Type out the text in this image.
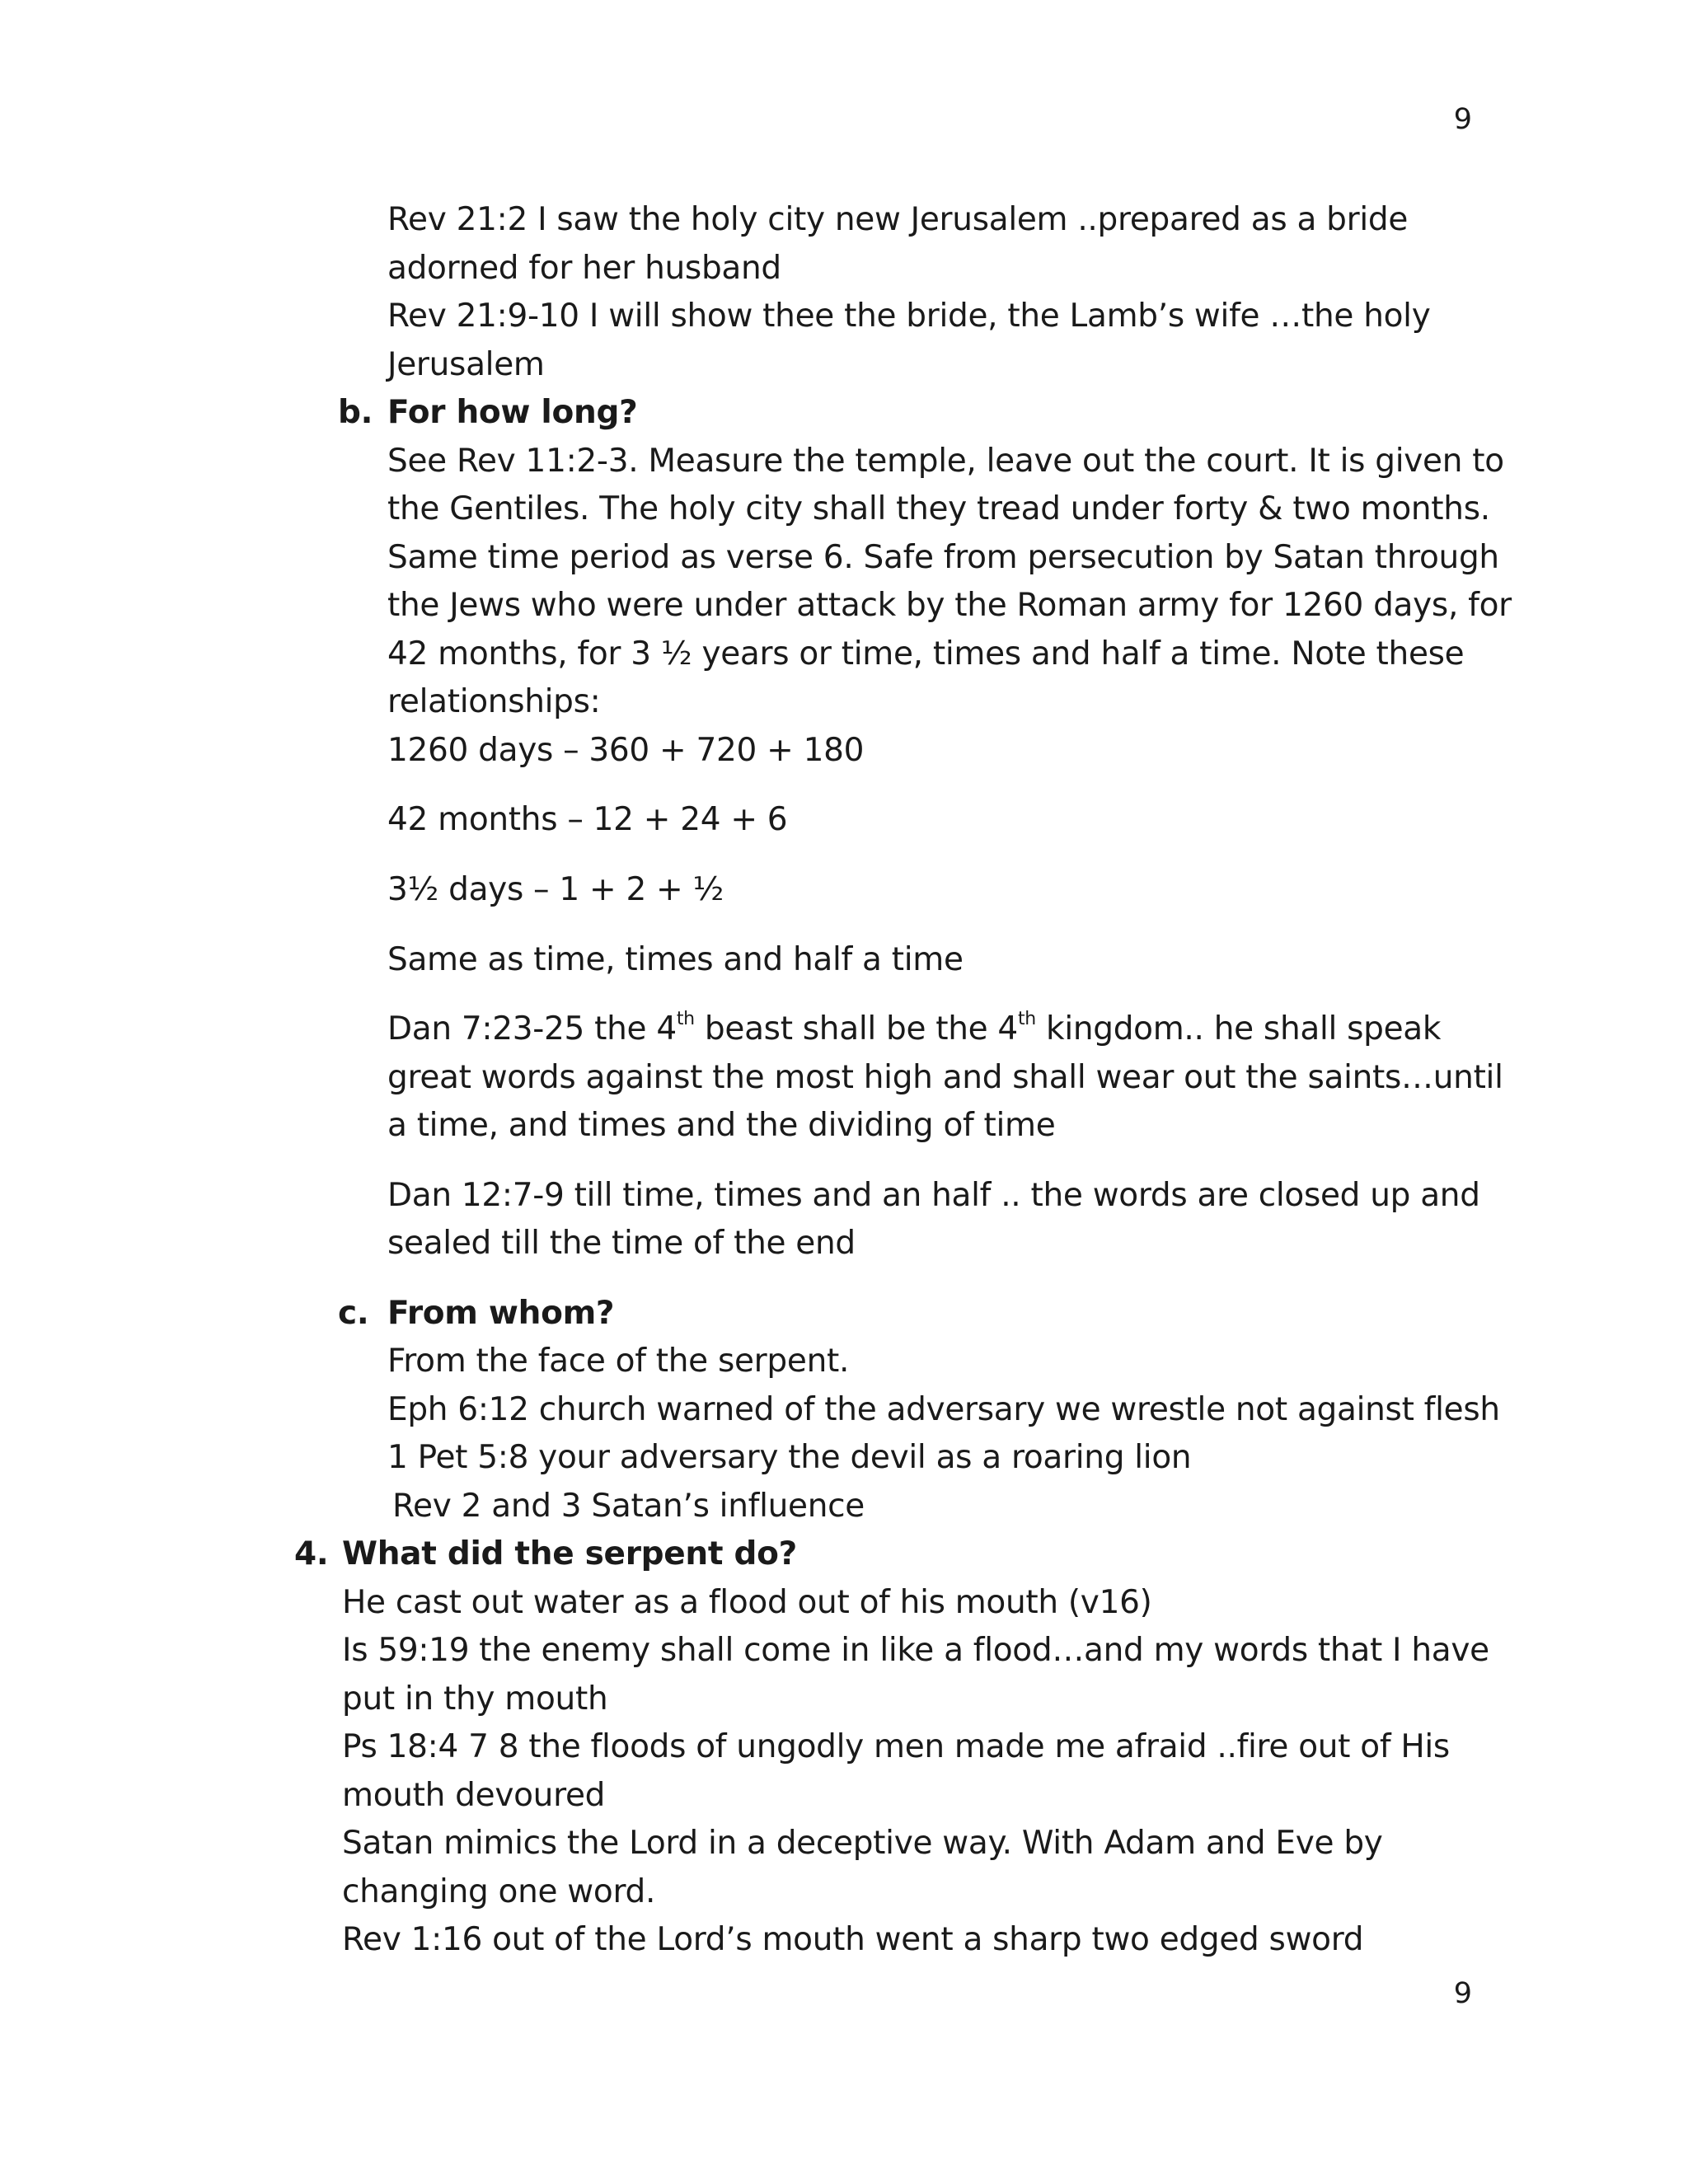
9
Rev 21:2 I saw the holy city new Jerusalem ..prepared as a bride
adorned for her husband
Rev 21:9-10 I will show thee the bride, the Lamb’s wife …the holy
Jerusalem
b. For how long?
See Rev 11:2-3. Measure the temple, leave out the court. It is given to
the Gentiles. The holy city shall they tread under forty & two months.
Same time period as verse 6. Safe from persecution by Satan through
the Jews who were under attack by the Roman army for 1260 days, for
42 months, for 3 ½ years or time, times and half a time. Note these
relationships:
1260 days – 360 + 720 + 180
42 months – 12 + 24 + 6
3½ days – 1 + 2 + ½
Same as time, times and half a time
Dan 7:23-25 the 4th beast shall be the 4th kingdom.. he shall speak
great words against the most high and shall wear out the saints…until
a time, and times and the dividing of time
Dan 12:7-9 till time, times and an half .. the words are closed up and
sealed till the time of the end
c. From whom?
From the face of the serpent.
Eph 6:12 church warned of the adversary we wrestle not against flesh
1 Pet 5:8 your adversary the devil as a roaring lion
Rev 2 and 3 Satan’s influence
4. What did the serpent do?
He cast out water as a flood out of his mouth (v16)
Is 59:19 the enemy shall come in like a flood…and my words that I have
put in thy mouth
Ps 18:4 7 8 the floods of ungodly men made me afraid ..fire out of His
mouth devoured
Satan mimics the Lord in a deceptive way. With Adam and Eve by
changing one word.
Rev 1:16 out of the Lord’s mouth went a sharp two edged sword
9
